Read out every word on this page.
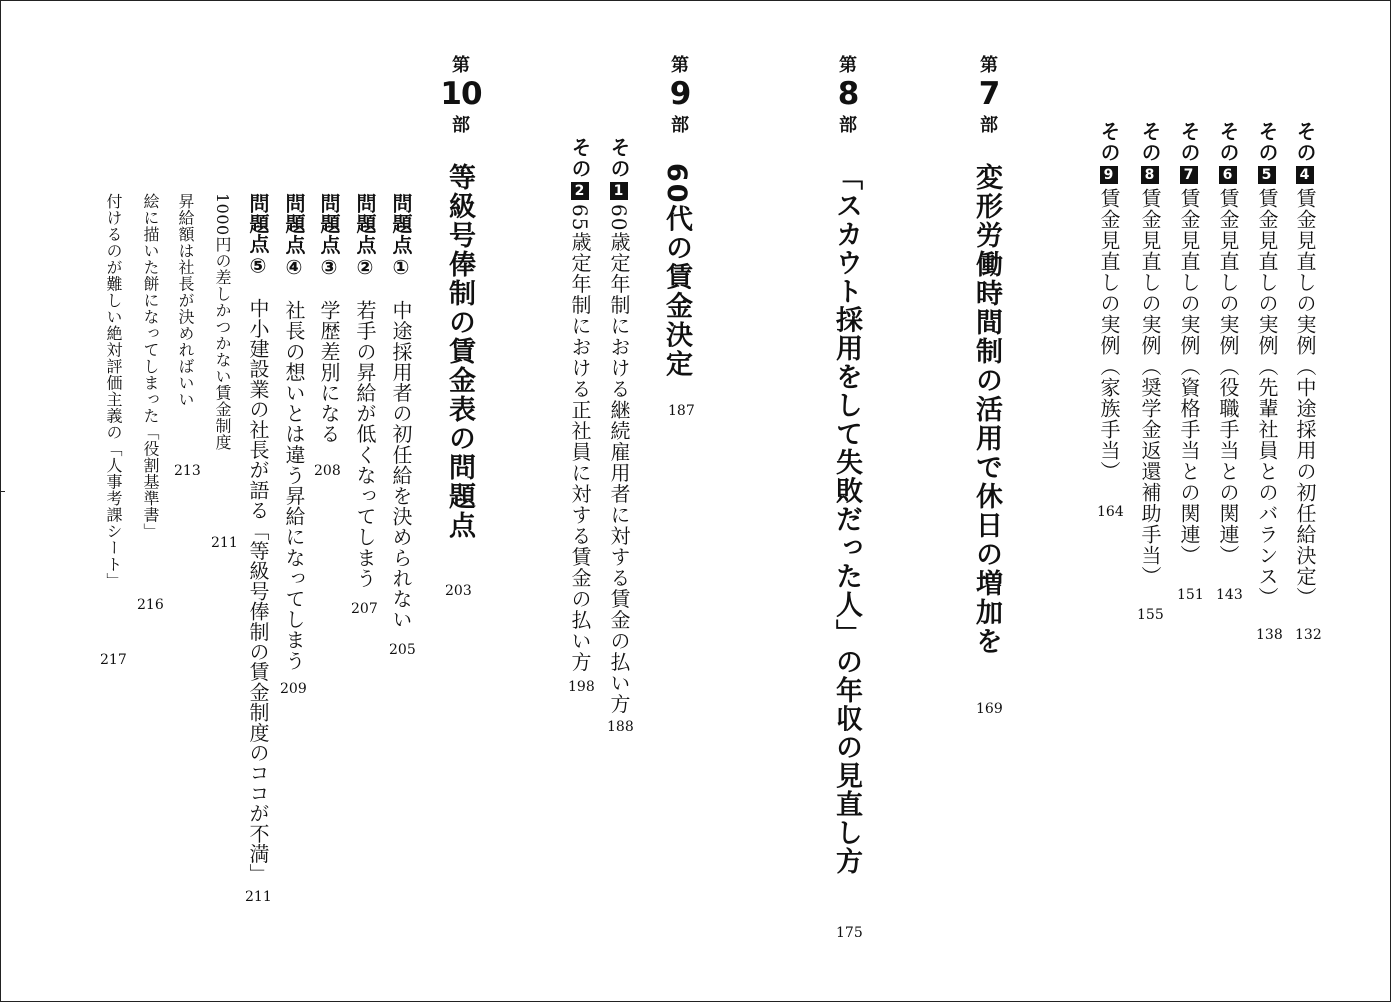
その4賃金見直しの実例（中途採用の初任給決定）
132
その5賃金見直しの実例（先輩社員とのバランス）
138
その6賃金見直しの実例（役職手当との関連）
143
その7賃金見直しの実例（資格手当との関連）
151
その8賃金見直しの実例（奨学金返還補助手当）
155
その9賃金見直しの実例（家族手当）
164
第
7
部
変形労働時間制の活用で休日の増加を
169
第
8
部
「スカウト採用をして失敗だった人」の年収の見直し方
175
第
9
部
60代の賃金決定
187
その160歳定年制における継続雇用者に対する賃金の払い方
188
その265歳定年制における正社員に対する賃金の払い方
198
第
10
部
等級号俸制の賃金表の問題点
203
問題点①　中途採用者の初任給を決められない
205
問題点②　若手の昇給が低くなってしまう
207
問題点③　学歴差別になる
208
問題点④　社長の想いとは違う昇給になってしまう
209
問題点⑤　中小建設業の社長が語る「等級号俸制の賃金制度のココが不満」
211
1000円の差しかつかない賃金制度
211
昇給額は社長が決めればいい
213
絵に描いた餅になってしまった「役割基準書」
216
付けるのが難しい絶対評価主義の「人事考課シート」
217
